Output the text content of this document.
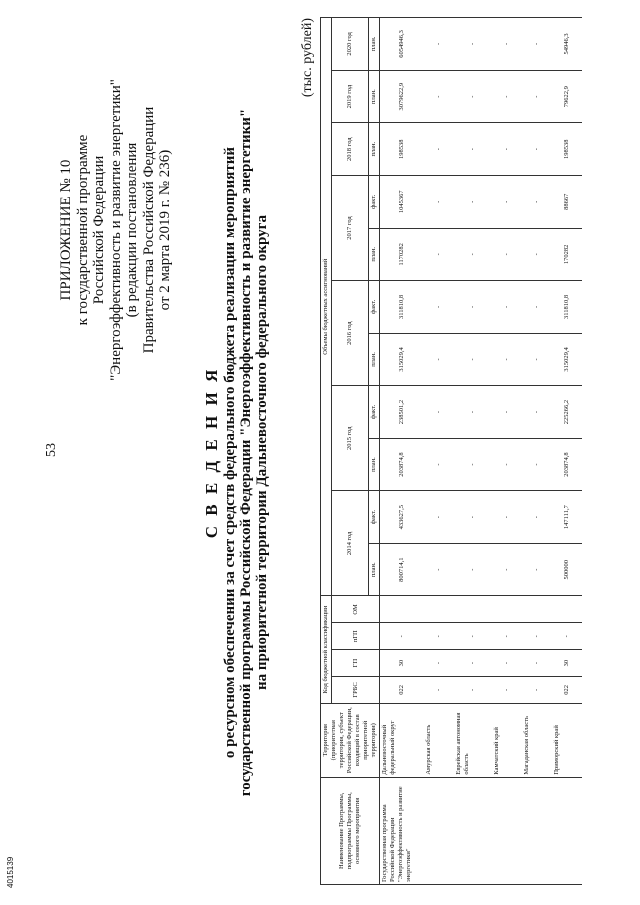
53
ПРИЛОЖЕНИЕ № 10 к государственной программе Российской Федерации "Энергоэффективность и развитие энергетики" (в редакции постановления Правительства Российской Федерации от 2 марта 2019 г. № 236)
С В Е Д Е Н И Я о ресурсном обеспечении за счет средств федерального бюджета реализации мероприятий государственной программы Российской Федерации "Энергоэффективность и развитие энергетики" на приоритетной территории Дальневосточного федерального округа
(тыс. рублей)
Наименование Программы, подпрограммы Программы, основного мероприятия	Территория (приоритетная территория, субъект Российской Федерации, входящий в состав приоритетной территории)	Код бюджетной классификации				Объемы бюджетных ассигнований										
		ГРБС	ГП	пГП	ОМ	2014 год		2015 год		2016 год		2017 год		2018 год	2019 год	2020 год
						план.	факт.	план.	факт.	план.	факт.	план.	факт.	план.	план.	план.
Государственная программа Российской Федерации "Энергоэффективность и развитие энергетики"	Дальневосточный федеральный округ	022	30	-		800714,1	433627,5	203874,8	238501,2	315029,4	311810,8	1170282	1045367	198538	3079622,9	6054946,3
	Амурская область	-	-	-		-	-	-	-	-	-	-	-	-	-	-
	Еврейская автономная область	-	-	-		-	-	-	-	-	-	-	-	-	-	-
	Камчатский край	-	-	-		-	-	-	-	-	-	-	-	-	-	-
	Магаданская область	-	-	-		-	-	-	-	-	-	-	-	-	-	-
	Приморский край	022	30	-		500000	147111,7	203874,8	225266,2	315029,4	311810,8	170282	88667	198538	79622,9	54946,3
4015139
